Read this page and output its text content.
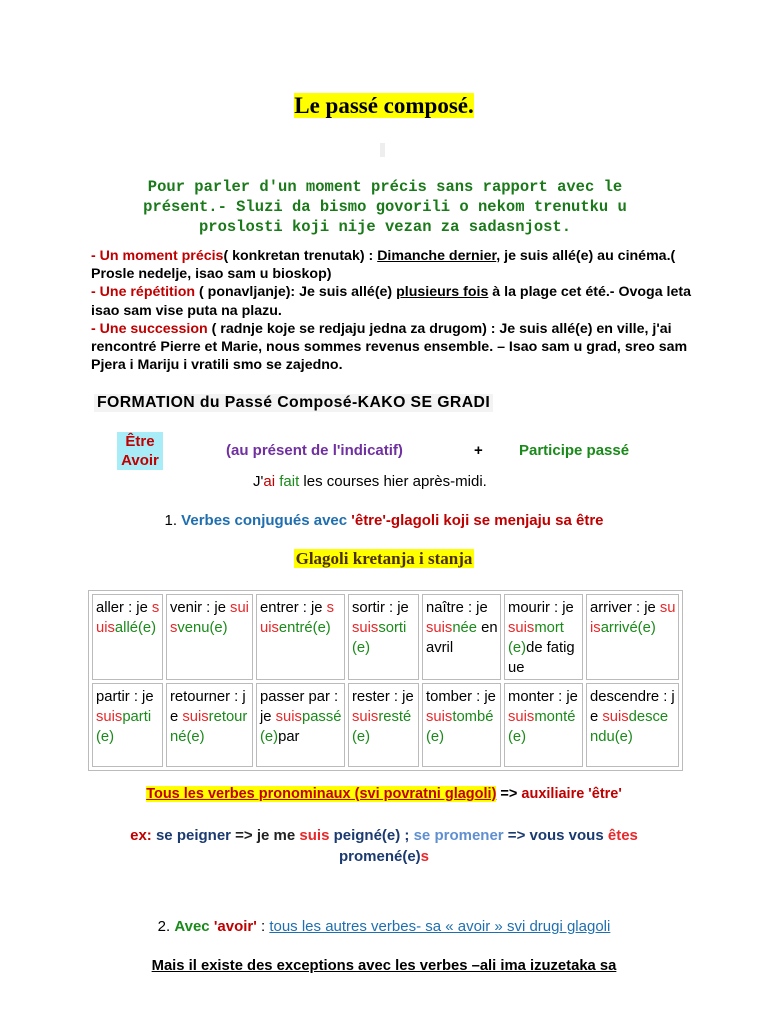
Le passé composé.
Pour parler d'un moment précis sans rapport avec le
présent.- Sluzi da bismo govorili o nekom trenutku u
proslosti koji nije vezan za sadasnjost.
- Un moment précis( konkretan trenutak) : Dimanche dernier, je suis allé(e) au cinéma.( Prosle nedelje, isao sam u bioskop)
- Une répétition ( ponavljanje): Je suis allé(e) plusieurs fois à la plage cet été.- Ovoga leta isao sam vise puta na plazu.
- Une succession ( radnje koje se redjaju jedna za drugom) : Je suis allé(e) en ville, j'ai rencontré Pierre et Marie, nous sommes revenus ensemble. – Isao sam u grad, sreo sam Pjera i Mariju i vratili smo se zajedno.
FORMATION du Passé Composé-KAKO SE GRADI
Être
Avoir
(au présent de l'indicatif)	+ Participe passé
J'ai fait les courses hier après-midi.
1. Verbes conjugués avec 'être'-glagoli koji se menjaju sa être
Glagoli kretanja i stanja
aller : je suisallé(e)	venir : je suisvenu(e)	entrer : je suisentré(e)	sortir : je suissorti(e)	naître : je suisnée en avril	mourir : je suismort(e)de fatigue	arriver : je suisarrivé(e)
partir : je suisparti(e)	retourner : je suisretourné(e)	passer par : je suispassé(e)par	rester : je suisresté(e)	tomber : je suistombé(e)	monter : je suismonté(e)	descendre : je suisdescendu(e)
Tous les verbes pronominaux (svi povratni glagoli) => auxiliaire 'être'
ex: se peigner => je me suis peigné(e) ; se promener => vous vous êtes promené(e)s
2. Avec 'avoir' : tous les autres verbes- sa « avoir » svi drugi glagoli
Mais il existe des exceptions avec les verbes –ali ima izuzetaka sa
